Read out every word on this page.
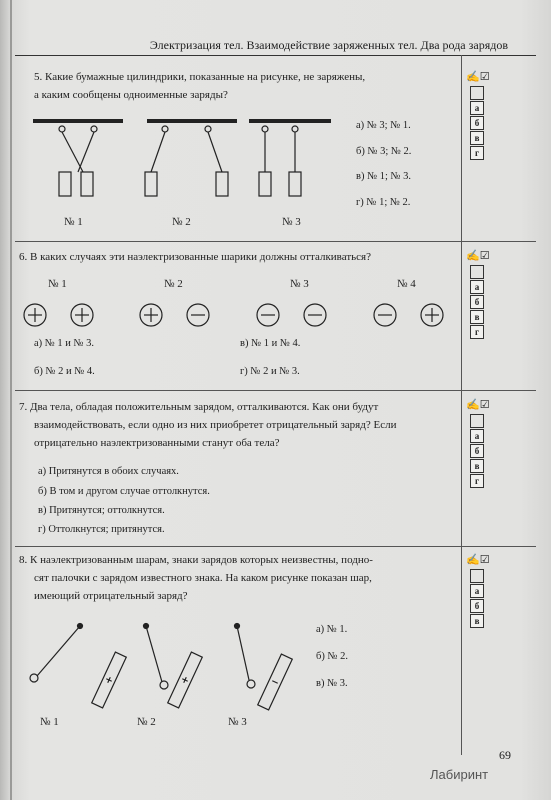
Электризация тел. Взаимодействие заряженных тел. Два рода зарядов
5. Какие бумажные цилиндрики, показанные на рисунке, не заряжены,
а каким сообщены одноименные заряды?
№ 1	№ 2	№ 3
а) № 3; № 1.
б) № 3; № 2.
в) № 1; № 3.
г) № 1; № 2.
✍☑
а
б
в
г
6. В каких случаях эти наэлектризованные шарики должны отталкиваться?
№ 1	№ 2	№ 3	№ 4
а) № 1 и № 3.	в) № 1 и № 4.
б) № 2 и № 4.	г) № 2 и № 3.
✍☑
а
б
в
г
7. Два тела, обладая положительным зарядом, отталкиваются. Как они будут
взаимодействовать, если одно из них приобретет отрицательный заряд? Если
отрицательно наэлектризованными станут оба тела?
а) Притянутся в обоих случаях.
б) В том и другом случае оттолкнутся.
в) Притянутся; оттолкнутся.
г) Оттолкнутся; притянутся.
✍☑
а
б
в
г
8. К наэлектризованным шарам, знаки зарядов которых неизвестны, подно-
сят палочки с зарядом известного знака. На каком рисунке показан шар,
имеющий отрицательный заряд?
№ 1	№ 2	№ 3
а) № 1.
б) № 2.
в) № 3.
✍☑
а
б
в
69
Лабиринт
